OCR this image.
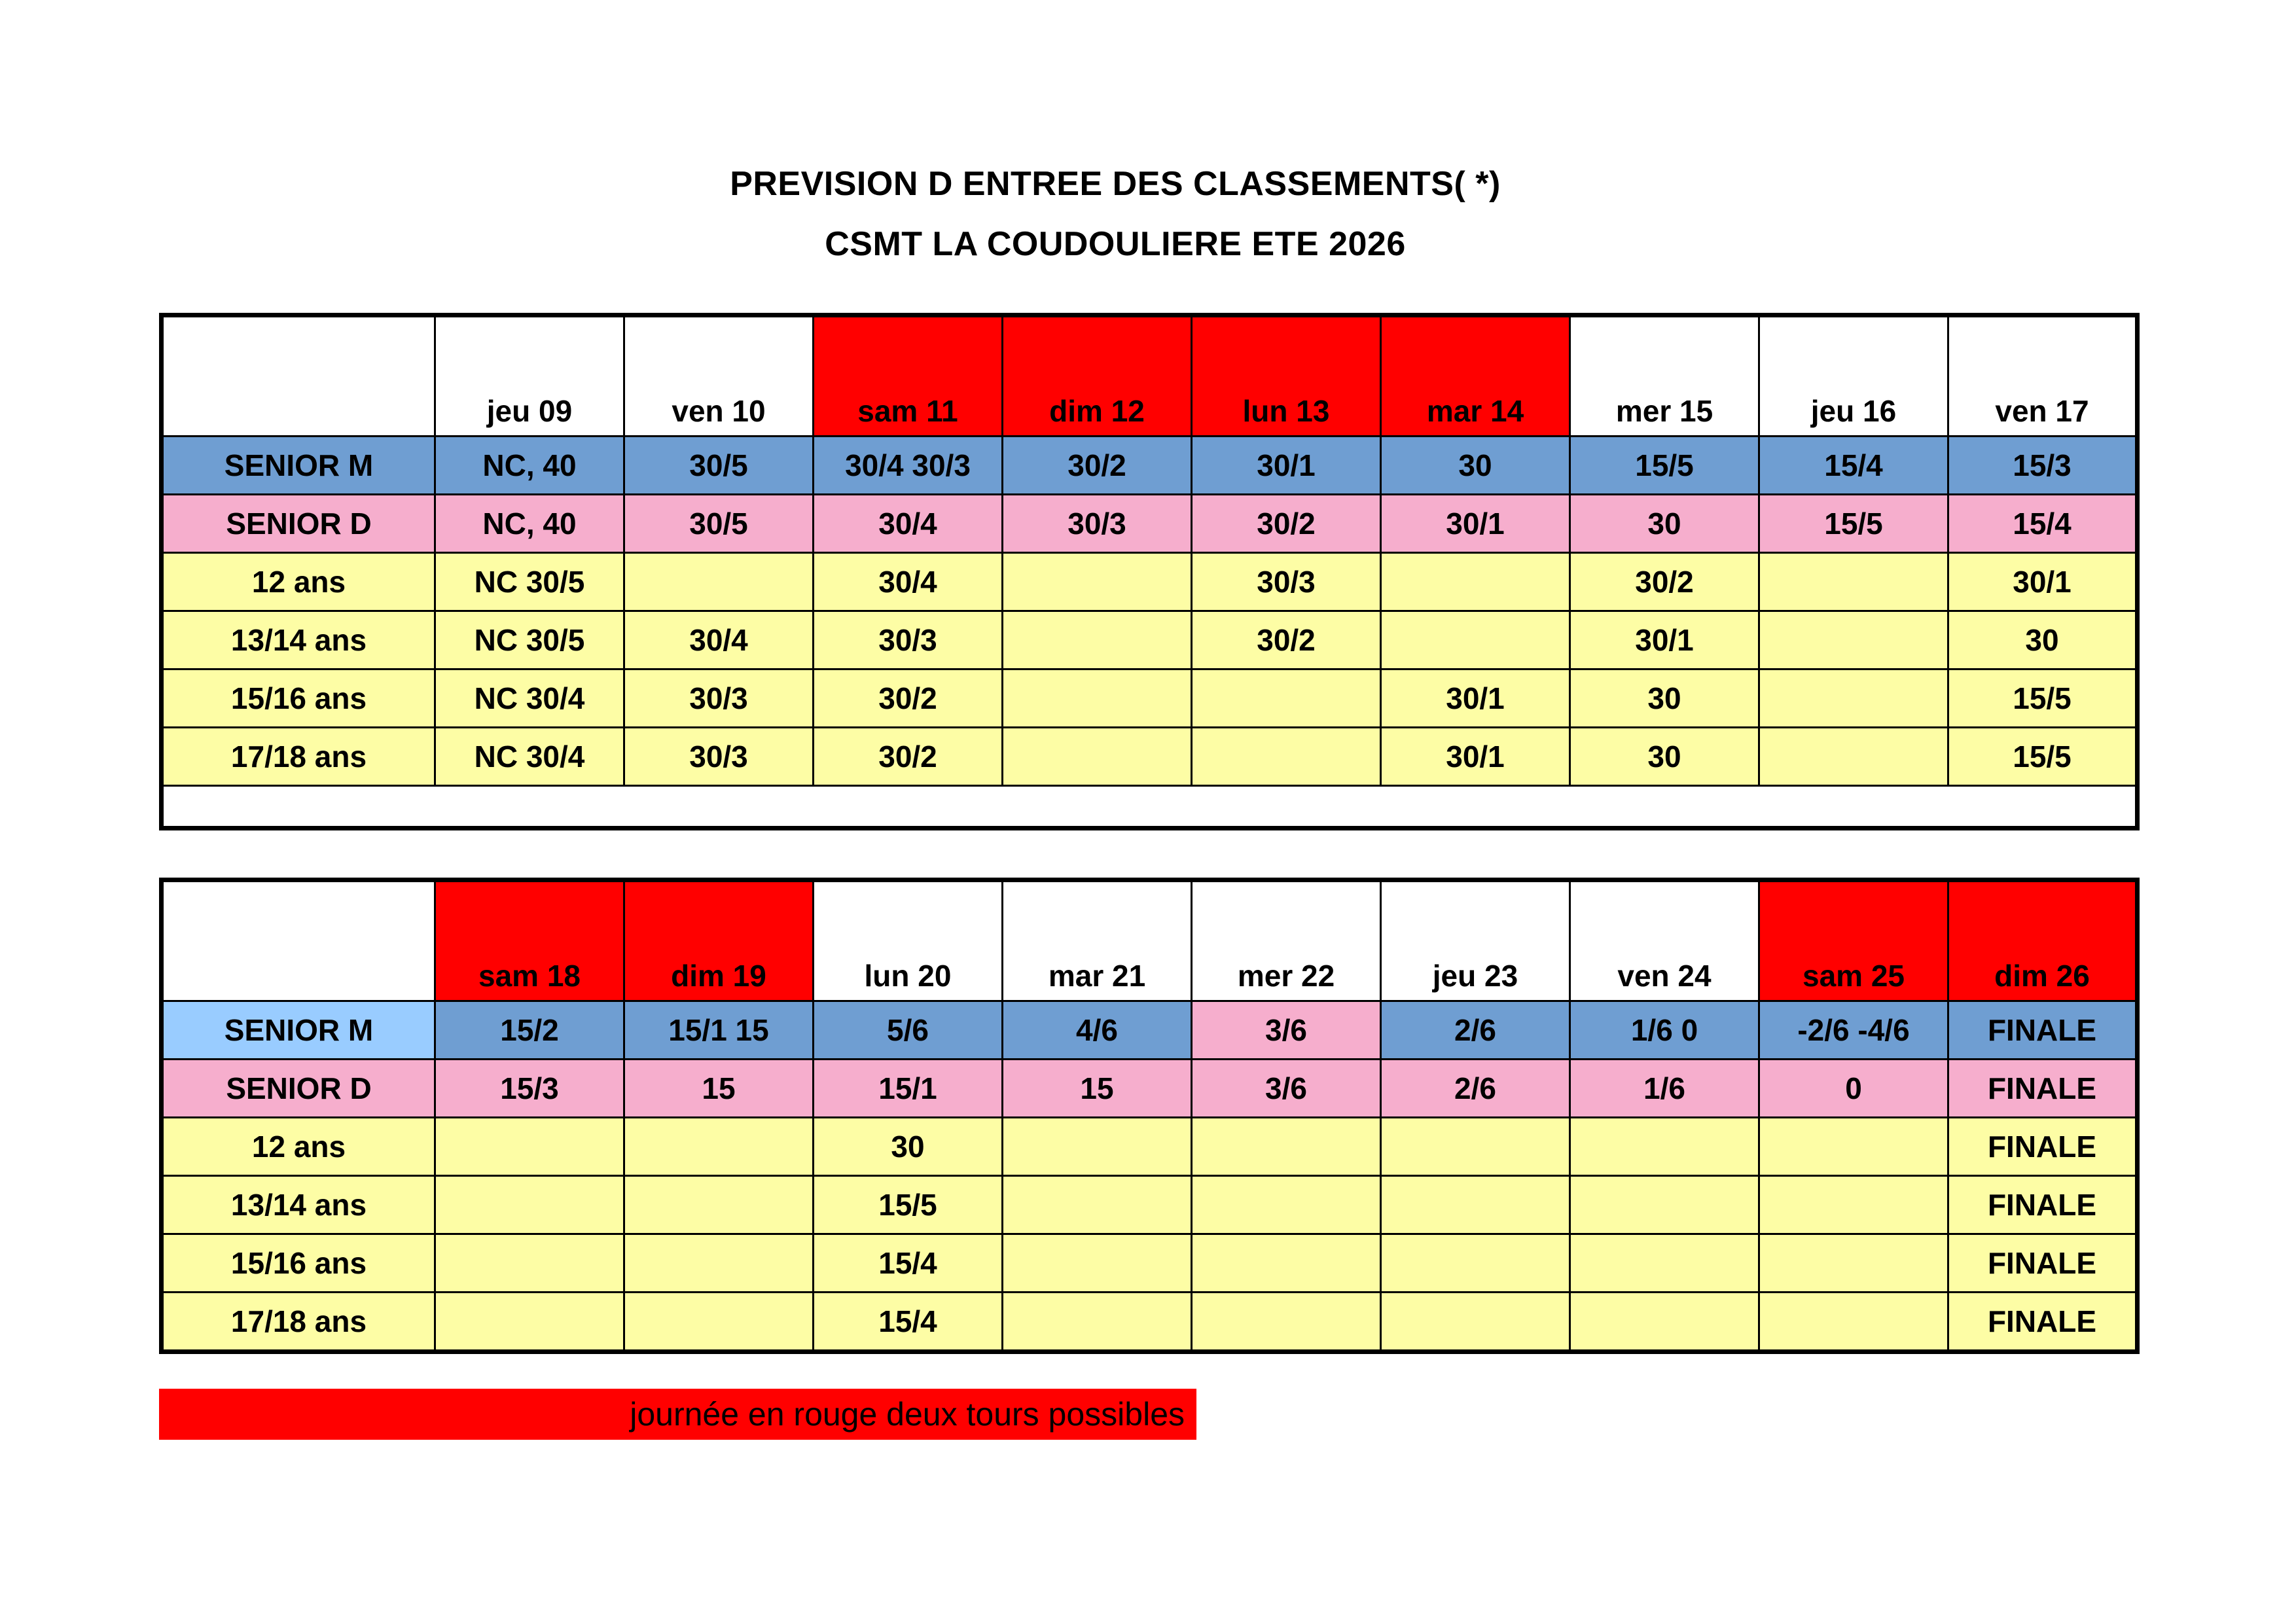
PREVISION D ENTREE DES CLASSEMENTS( *)
CSMT LA COUDOULIERE ETE 2026
	jeu 09	ven 10	sam 11	dim 12	lun 13	mar 14	mer 15	jeu 16	ven 17
SENIOR M	NC, 40	30/5	30/4 30/3	30/2	30/1	30	15/5	15/4	15/3
SENIOR D	NC, 40	30/5	30/4	30/3	30/2	30/1	30	15/5	15/4
12 ans	NC 30/5		30/4		30/3		30/2		30/1
13/14 ans	NC 30/5	30/4	30/3		30/2		30/1		30
15/16 ans	NC 30/4	30/3	30/2			30/1	30		15/5
17/18 ans	NC 30/4	30/3	30/2			30/1	30		15/5

	sam 18	dim 19	lun 20	mar 21	mer 22	jeu 23	ven 24	sam 25	dim 26
SENIOR M	15/2	15/1 15	5/6	4/6	3/6	2/6	1/6 0	-2/6 -4/6	FINALE
SENIOR D	15/3	15	15/1	15	3/6	2/6	1/6	0	FINALE
12 ans			30						FINALE
13/14 ans			15/5						FINALE
15/16 ans			15/4						FINALE
17/18 ans			15/4						FINALE
journée en rouge deux tours possibles
